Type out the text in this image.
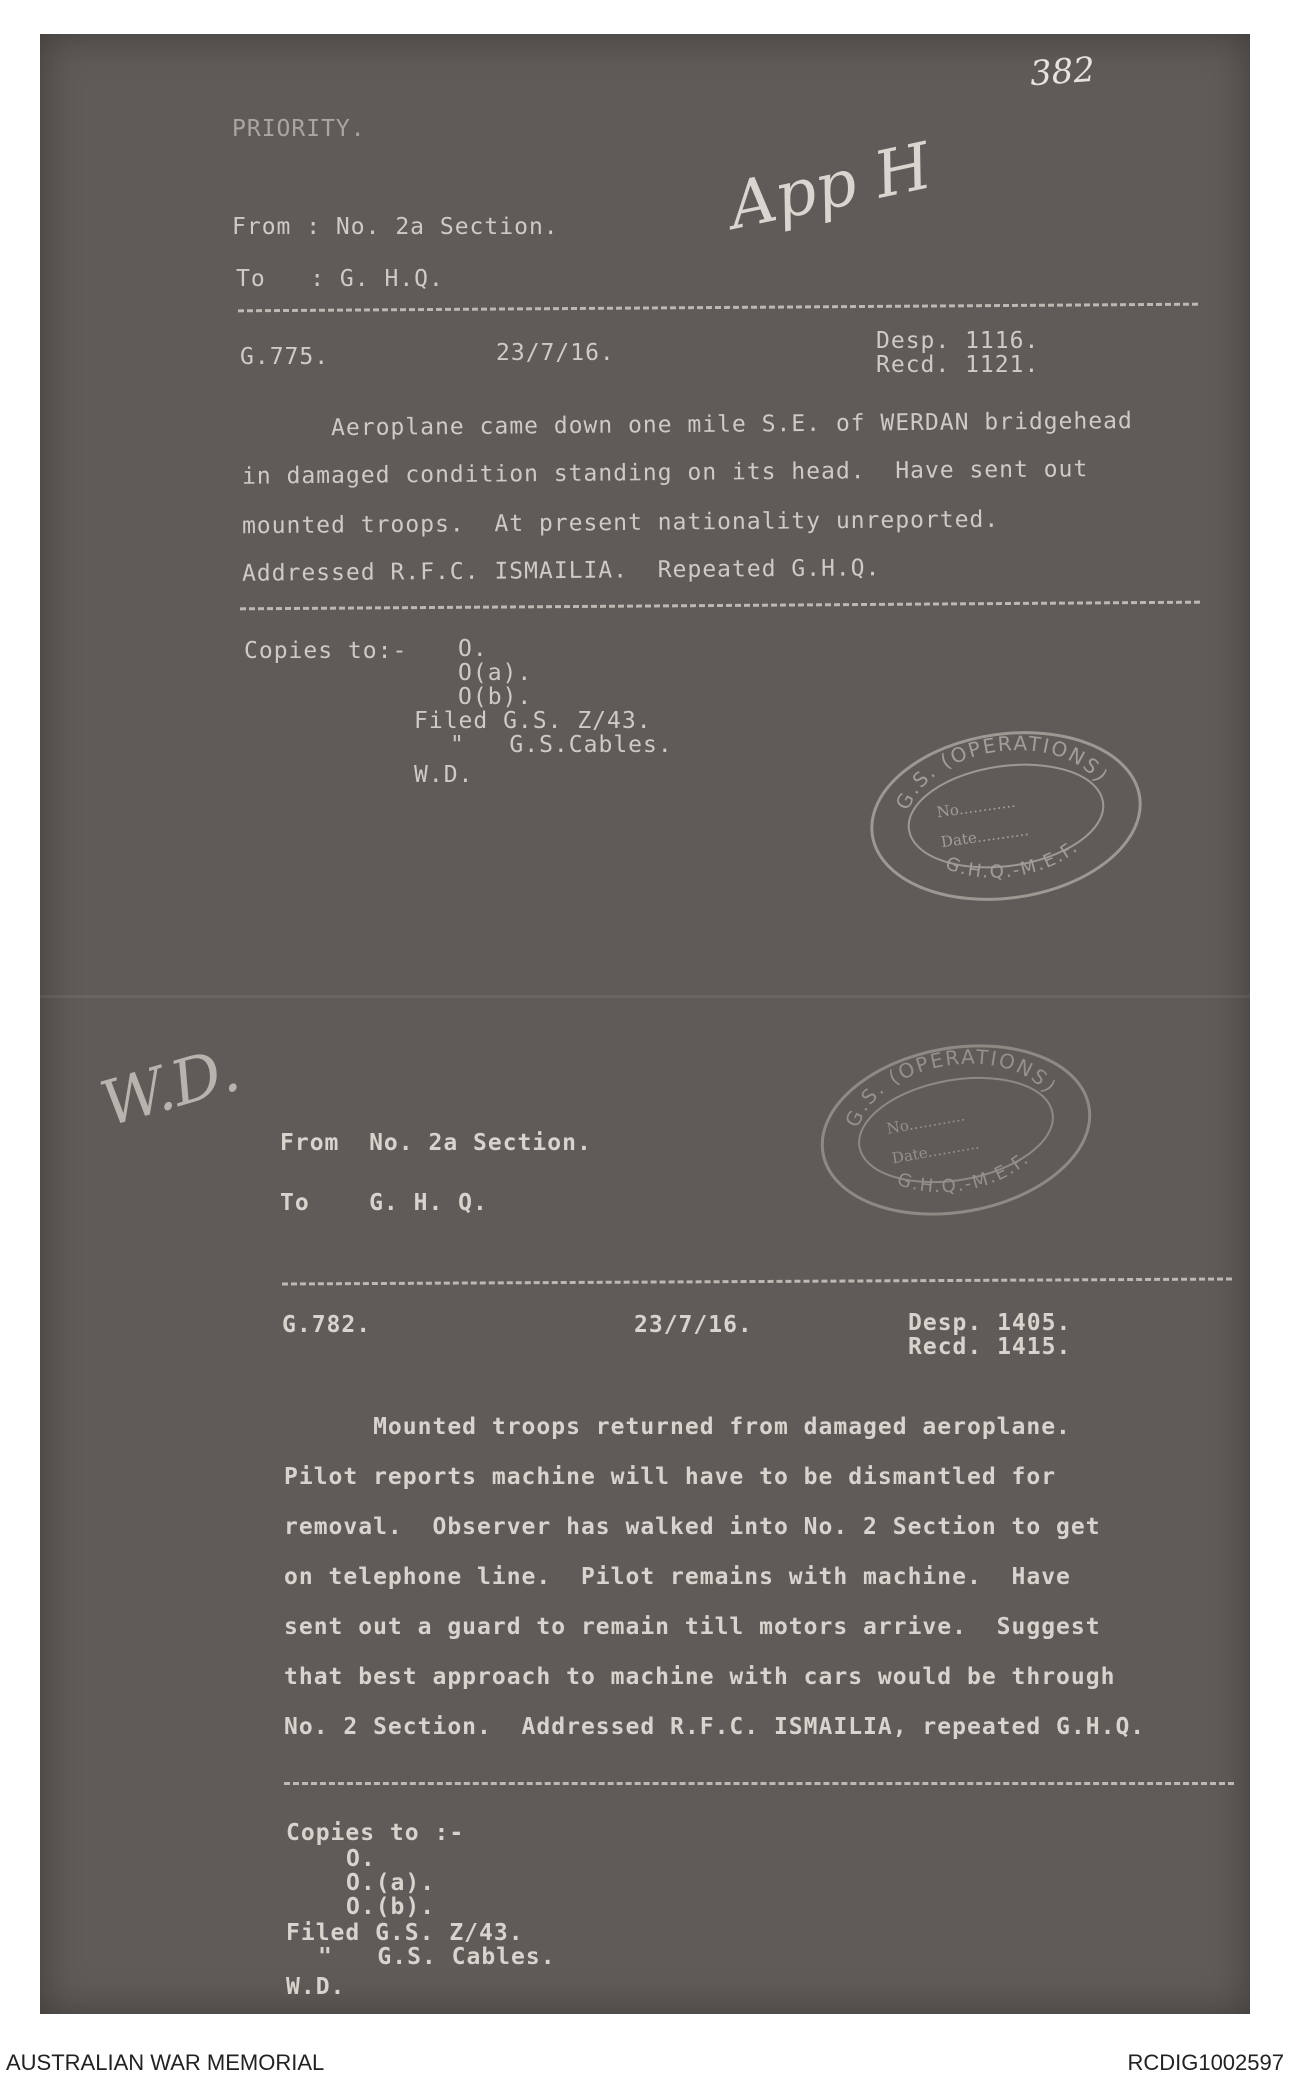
382
App H
W.D.
PRIORITY.
From : No. 2a Section.
To   : G. H.Q.
G.775.	23/7/16.	Desp. 1116.
Recd. 1121.
Aeroplane came down one mile S.E. of WERDAN bridgehead
in damaged condition standing on its head.  Have sent out
mounted troops.  At present nationality unreported.
Addressed R.F.C. ISMAILIA.  Repeated G.H.Q.
Copies to:- O.
O(a).
O(b).
Filed G.S. Z/43.
"   G.S.Cables.
W.D.
G.S. (OPERATIONS)
G.H.Q.-M.E.F.
No............
Date...........
G.S. (OPERATIONS)
G.H.Q.-M.E.F.
No............
Date...........
From  No. 2a Section.
To    G. H. Q.
G.782.	23/7/16.	Desp. 1405.
Recd. 1415.
Mounted troops returned from damaged aeroplane.
Pilot reports machine will have to be dismantled for
removal.  Observer has walked into No. 2 Section to get
on telephone line.  Pilot remains with machine.  Have
sent out a guard to remain till motors arrive.  Suggest
that best approach to machine with cars would be through
No. 2 Section.  Addressed R.F.C. ISMAILIA, repeated G.H.Q.
Copies to :-
O.
O.(a).
O.(b).
Filed G.S. Z/43.
"   G.S. Cables.
W.D.
AUSTRALIAN WAR MEMORIAL	RCDIG1002597
